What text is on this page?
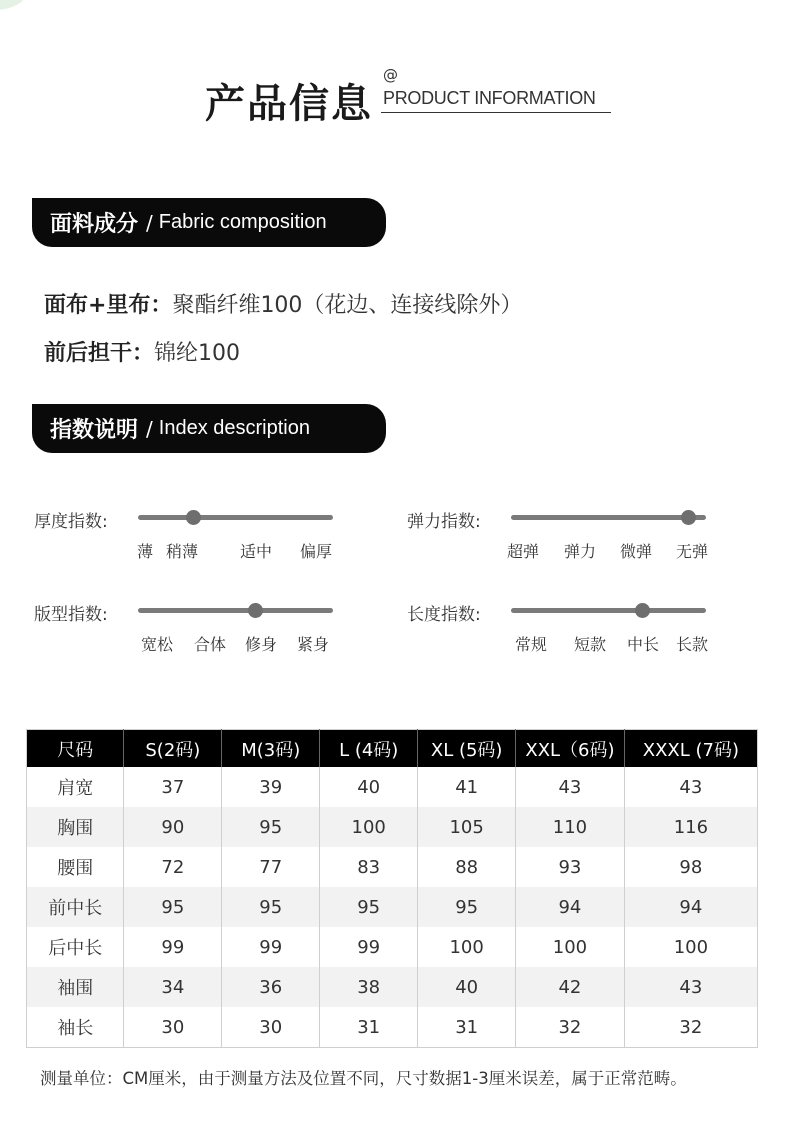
产品信息
@
PRODUCT INFORMATION
面料成分 / Fabric composition
面布+里布：聚酯纤维100（花边、连接线除外）
前后担干：锦纶100
指数说明 / Index description
厚度指数:
薄 稍薄	适中 偏厚
弹力指数:
超弹 弹力 微弹 无弹
版型指数:
宽松 合体 修身 紧身
长度指数:
常规 短款 中长 长款
尺码	S(2码)	M(3码)	L (4码)	XL (5码)	XXL（6码)	XXXL (7码)
肩宽	37	39	40	41	43	43
胸围	90	95	100	105	110	116
腰围	72	77	83	88	93	98
前中长	95	95	95	95	94	94
后中长	99	99	99	100	100	100
袖围	34	36	38	40	42	43
袖长	30	30	31	31	32	32
测量单位：CM厘米，由于测量方法及位置不同，尺寸数据1-3厘米误差，属于正常范畴。
